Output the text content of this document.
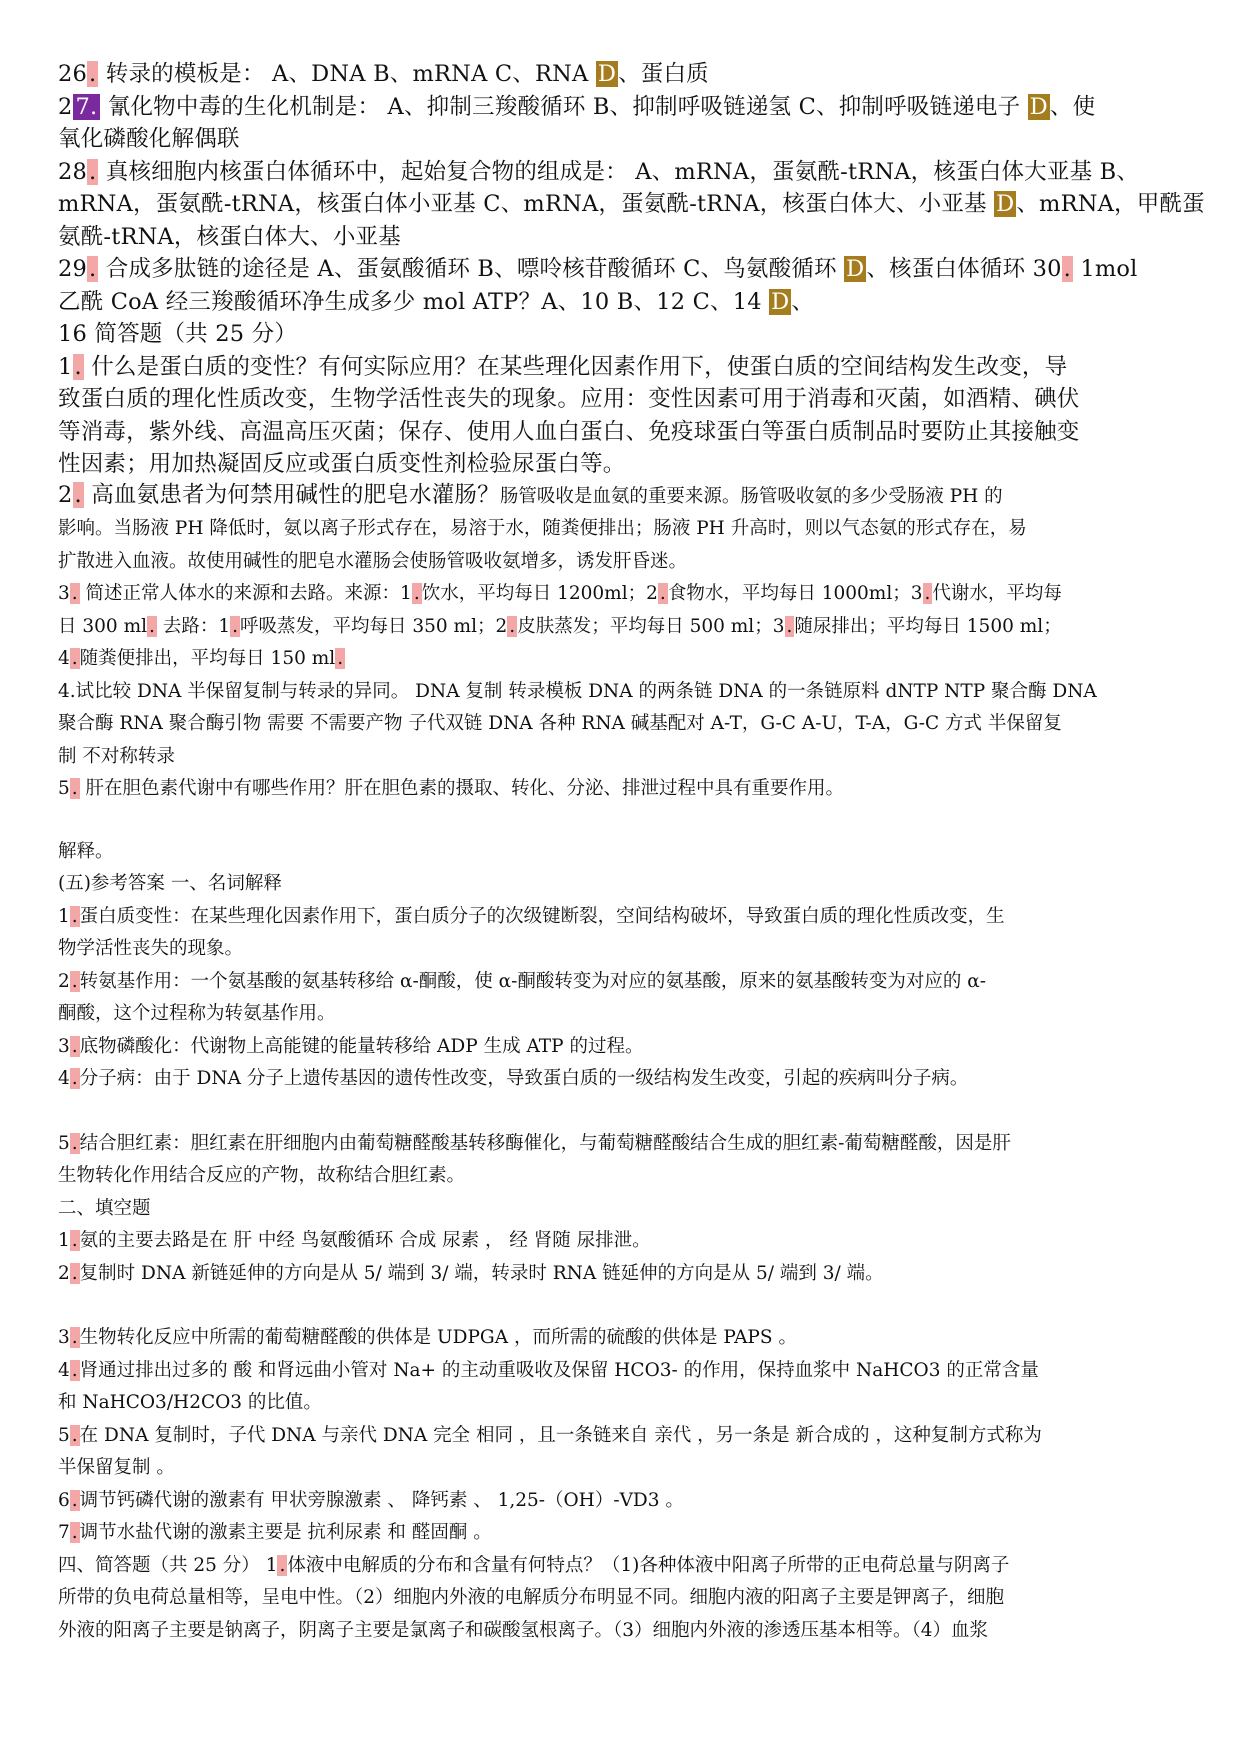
26. 转录的模板是： A、DNA B、mRNA C、RNA D、蛋白质
2 7. 氰化物中毒的生化机制是： A、抑制三羧酸循环 B、抑制呼吸链递氢 C、抑制呼吸链递电子 D、使
氧化磷酸化解偶联
28. 真核细胞内核蛋白体循环中，起始复合物的组成是： A、mRNA，蛋氨酰-tRNA，核蛋白体大亚基 B、
mRNA，蛋氨酰-tRNA，核蛋白体小亚基 C、mRNA，蛋氨酰-tRNA，核蛋白体大、小亚基 D、mRNA，甲酰蛋
氨酰-tRNA，核蛋白体大、小亚基
29. 合成多肽链的途径是 A、蛋氨酸循环 B、嘌呤核苷酸循环 C、鸟氨酸循环 D、核蛋白体循环 30. 1mol
乙酰 CoA 经三羧酸循环净生成多少 mol ATP？A、10 B、12 C、14 D、
16 简答题（共 25 分）
1. 什么是蛋白质的变性？有何实际应用？在某些理化因素作用下，使蛋白质的空间结构发生改变，导
致蛋白质的理化性质改变，生物学活性丧失的现象。应用：变性因素可用于消毒和灭菌，如酒精、碘伏
等消毒，紫外线、高温高压灭菌；保存、使用人血白蛋白、免疫球蛋白等蛋白质制品时要防止其接触变
性因素；用加热凝固反应或蛋白质变性剂检验尿蛋白等。
2. 高血氨患者为何禁用碱性的肥皂水灌肠？肠管吸收是血氨的重要来源。肠管吸收氨的多少受肠液 PH 的
影响。当肠液 PH 降低时，氨以离子形式存在，易溶于水，随粪便排出；肠液 PH 升高时，则以气态氨的形式存在，易
扩散进入血液。故使用碱性的肥皂水灌肠会使肠管吸收氨增多，诱发肝昏迷。
3 . 简述正常人体水的来源和去路。来源：1 . 饮水，平均每日 1200ml；2 . 食物水，平均每日 1000ml；3 . 代谢水，平均每
日 300 ml . 去路：1 . 呼吸蒸发，平均每日 350 ml；2 . 皮肤蒸发；平均每日 500 ml；3 . 随尿排出；平均每日 1500 ml；
4 . 随粪便排出，平均每日 150 ml .
4.试比较 DNA 半保留复制与转录的异同。 DNA 复制 转录模板 DNA 的两条链 DNA 的一条链原料 dNTP NTP 聚合酶 DNA
聚合酶 RNA 聚合酶引物 需要 不需要产物 子代双链 DNA 各种 RNA 碱基配对 A-T，G-C A-U，T-A，G-C 方式 半保留复
制 不对称转录
5 . 肝在胆色素代谢中有哪些作用？肝在胆色素的摄取、转化、分泌、排泄过程中具有重要作用。
解释。
(五)参考答案 一、名词解释
1 . 蛋白质变性：在某些理化因素作用下，蛋白质分子的次级键断裂，空间结构破坏，导致蛋白质的理化性质改变，生
物学活性丧失的现象。
2 . 转氨基作用：一个氨基酸的氨基转移给 α-酮酸，使 α-酮酸转变为对应的氨基酸，原来的氨基酸转变为对应的 α-
酮酸，这个过程称为转氨基作用。
3 . 底物磷酸化：代谢物上高能键的能量转移给 ADP 生成 ATP 的过程。
4 . 分子病：由于 DNA 分子上遗传基因的遗传性改变，导致蛋白质的一级结构发生改变，引起的疾病叫分子病。
5 . 结合胆红素：胆红素在肝细胞内由葡萄糖醛酸基转移酶催化，与葡萄糖醛酸结合生成的胆红素-葡萄糖醛酸，因是肝
生物转化作用结合反应的产物，故称结合胆红素。
二、填空题
1 . 氨的主要去路是在 肝 中经 鸟氨酸循环 合成 尿素 ， 经 肾随 尿排泄。
2 . 复制时 DNA 新链延伸的方向是从 5/ 端到 3/ 端，转录时 RNA 链延伸的方向是从 5/ 端到 3/ 端。
3 . 生物转化反应中所需的葡萄糖醛酸的供体是 UDPGA ，而所需的硫酸的供体是 PAPS 。
4 . 肾通过排出过多的 酸 和肾远曲小管对 Na+ 的主动重吸收及保留 HCO3- 的作用，保持血浆中 NaHCO3 的正常含量
和 NaHCO3/H2CO3 的比值。
5 . 在 DNA 复制时，子代 DNA 与亲代 DNA 完全 相同 ，且一条链来自 亲代 ，另一条是 新合成的 ，这种复制方式称为
半保留复制 。
6 . 调节钙磷代谢的激素有 甲状旁腺激素 、 降钙素 、 1,25-（OH）-VD3 。
7 . 调节水盐代谢的激素主要是 抗利尿素 和 醛固酮 。
四、简答题（共 25 分） 1 . 体液中电解质的分布和含量有何特点？（1)各种体液中阳离子所带的正电荷总量与阴离子
所带的负电荷总量相等，呈电中性。（2）细胞内外液的电解质分布明显不同。细胞内液的阳离子主要是钾离子，细胞
外液的阳离子主要是钠离子，阴离子主要是氯离子和碳酸氢根离子。（3）细胞内外液的渗透压基本相等。（4）血浆
